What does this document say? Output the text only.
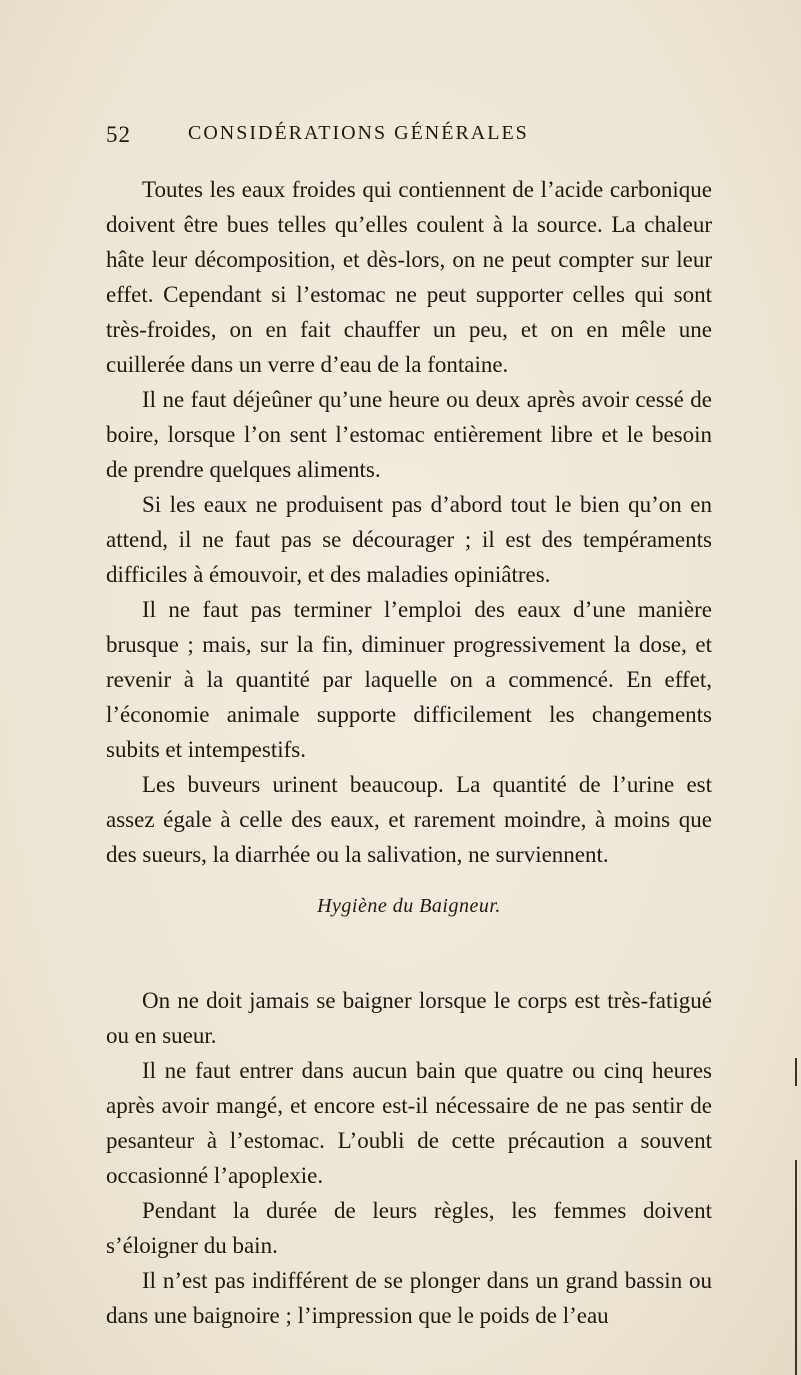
52	CONSIDÉRATIONS GÉNÉRALES

Toutes les eaux froides qui contiennent de l’acide carbonique doivent être bues telles qu’elles coulent à la source. La chaleur hâte leur décomposition, et dès-lors, on ne peut compter sur leur effet. Cependant si l’estomac ne peut supporter celles qui sont très-froides, on en fait chauffer un peu, et on en mêle une cuillerée dans un verre d’eau de la fontaine.

Il ne faut déjeûner qu’une heure ou deux après avoir cessé de boire, lorsque l’on sent l’estomac entièrement libre et le besoin de prendre quelques aliments.

Si les eaux ne produisent pas d’abord tout le bien qu’on en attend, il ne faut pas se décourager ; il est des tempéraments difficiles à émouvoir, et des maladies opiniâtres.

Il ne faut pas terminer l’emploi des eaux d’une manière brusque ; mais, sur la fin, diminuer progressivement la dose, et revenir à la quantité par laquelle on a commencé. En effet, l’économie animale supporte difficilement les changements subits et intempestifs.

Les buveurs urinent beaucoup. La quantité de l’urine est assez égale à celle des eaux, et rarement moindre, à moins que des sueurs, la diarrhée ou la salivation, ne surviennent.

Hygiène du Baigneur.

On ne doit jamais se baigner lorsque le corps est très-fatigué ou en sueur.

Il ne faut entrer dans aucun bain que quatre ou cinq heures après avoir mangé, et encore est-il nécessaire de ne pas sentir de pesanteur à l’estomac. L’oubli de cette précaution a souvent occasionné l’apoplexie.

Pendant la durée de leurs règles, les femmes doivent s’éloigner du bain.

Il n’est pas indifférent de se plonger dans un grand bassin ou dans une baignoire ; l’impression que le poids de l’eau
